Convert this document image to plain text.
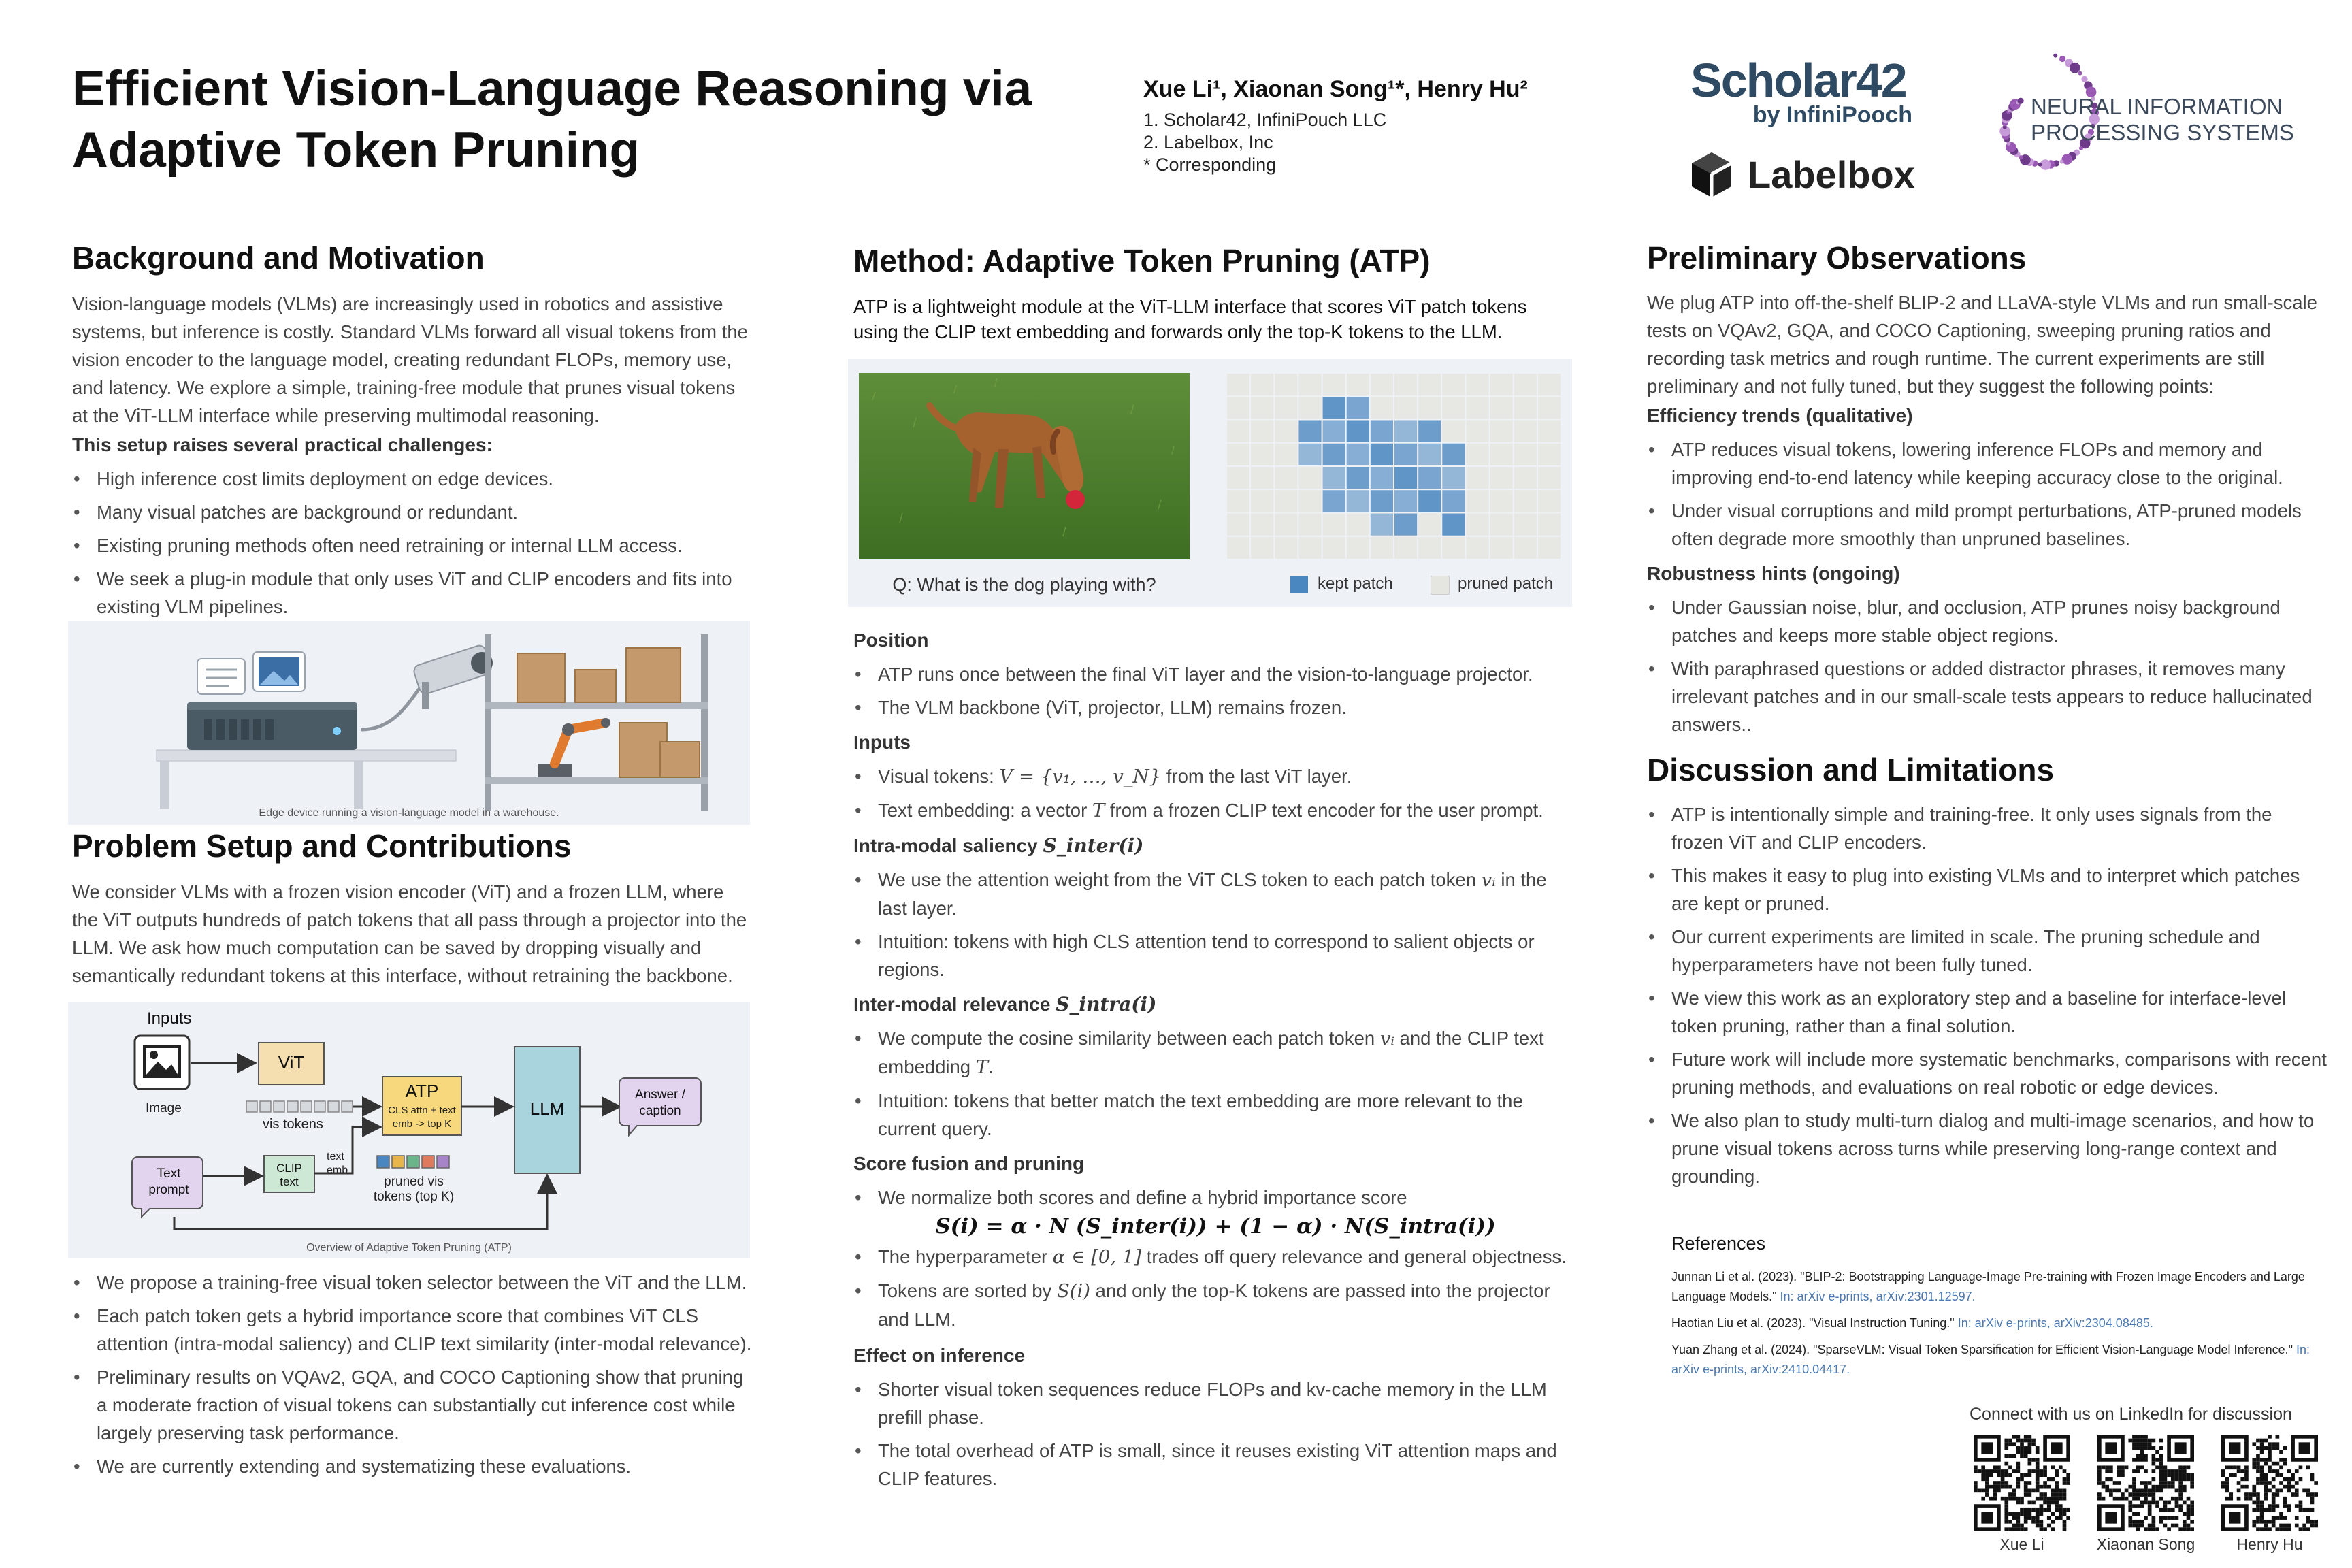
Efficient Vision-Language Reasoning via
Adaptive Token Pruning
Xue Li¹, Xiaonan Song¹*, Henry Hu²
1. Scholar42, InfiniPouch LLC
2. Labelbox, Inc
* Corresponding
Scholar42
by InfiniPooch
Labelbox
NEURAL INFORMATION
PROCESSING SYSTEMS
Background and Motivation
Vision-language models (VLMs) are increasingly used in robotics and assistive systems, but inference is costly. Standard VLMs forward all visual tokens from the vision encoder to the language model, creating redundant FLOPs, memory use, and latency. We explore a simple, training-free module that prunes visual tokens at the ViT-LLM interface while preserving multimodal reasoning.
This setup raises several practical challenges:
• High inference cost limits deployment on edge devices.
• Many visual patches are background or redundant.
• Existing pruning methods often need retraining or internal LLM access.
• We seek a plug-in module that only uses ViT and CLIP encoders and fits into existing VLM pipelines.
Edge device running a vision-language model in a warehouse.
Problem Setup and Contributions
We consider VLMs with a frozen vision encoder (ViT) and a frozen LLM, where the ViT outputs hundreds of patch tokens that all pass through a projector into the LLM. We ask how much computation can be saved by dropping visually and semantically redundant tokens at this interface, without retraining the backbone.
Inputs
Image
ViT
vis tokens
ATP
CLS attn + text
emb -> top K
LLM
Answer /
caption
Text
prompt
CLIP
text
text
emb
pruned vis
tokens (top K)
Overview of Adaptive Token Pruning (ATP)
• We propose a training-free visual token selector between the ViT and the LLM.
• Each patch token gets a hybrid importance score that combines ViT CLS attention (intra-modal saliency) and CLIP text similarity (inter-modal relevance).
• Preliminary results on VQAv2, GQA, and COCO Captioning show that pruning a moderate fraction of visual tokens can substantially cut inference cost while largely preserving task performance.
• We are currently extending and systematizing these evaluations.
Method: Adaptive Token Pruning (ATP)
ATP is a lightweight module at the ViT-LLM interface that scores ViT patch tokens using the CLIP text embedding and forwards only the top-K tokens to the LLM.
Q: What is the dog playing with?	kept patch	pruned patch
Position
• ATP runs once between the final ViT layer and the vision-to-language projector.
• The VLM backbone (ViT, projector, LLM) remains frozen.
Inputs
• Visual tokens: V = {v₁, …, v_N} from the last ViT layer.
• Text embedding: a vector T from a frozen CLIP text encoder for the user prompt.
Intra-modal saliency S_inter(i)
• We use the attention weight from the ViT CLS token to each patch token vᵢ in the last layer.
• Intuition: tokens with high CLS attention tend to correspond to salient objects or regions.
Inter-modal relevance S_intra(i)
• We compute the cosine similarity between each patch token vᵢ and the CLIP text embedding T.
• Intuition: tokens that better match the text embedding are more relevant to the current query.
Score fusion and pruning
• We normalize both scores and define a hybrid importance score
S(i) = α · N (S_inter(i)) + (1 − α) · N(S_intra(i))
• The hyperparameter α ∈ [0, 1] trades off query relevance and general objectness.
• Tokens are sorted by S(i) and only the top-K tokens are passed into the projector and LLM.
Effect on inference
• Shorter visual token sequences reduce FLOPs and kv-cache memory in the LLM prefill phase.
• The total overhead of ATP is small, since it reuses existing ViT attention maps and CLIP features.
Preliminary Observations
We plug ATP into off-the-shelf BLIP-2 and LLaVA-style VLMs and run small-scale tests on VQAv2, GQA, and COCO Captioning, sweeping pruning ratios and recording task metrics and rough runtime. The current experiments are still preliminary and not fully tuned, but they suggest the following points:
Efficiency trends (qualitative)
• ATP reduces visual tokens, lowering inference FLOPs and memory and improving end-to-end latency while keeping accuracy close to the original.
• Under visual corruptions and mild prompt perturbations, ATP-pruned models often degrade more smoothly than unpruned baselines.
Robustness hints (ongoing)
• Under Gaussian noise, blur, and occlusion, ATP prunes noisy background patches and keeps more stable object regions.
• With paraphrased questions or added distractor phrases, it removes many irrelevant patches and in our small-scale tests appears to reduce hallucinated answers..
Discussion and Limitations
• ATP is intentionally simple and training-free. It only uses signals from the frozen ViT and CLIP encoders.
• This makes it easy to plug into existing VLMs and to interpret which patches are kept or pruned.
• Our current experiments are limited in scale. The pruning schedule and hyperparameters have not been fully tuned.
• We view this work as an exploratory step and a baseline for interface-level token pruning, rather than a final solution.
• Future work will include more systematic benchmarks, comparisons with recent pruning methods, and evaluations on real robotic or edge devices.
• We also plan to study multi-turn dialog and multi-image scenarios, and how to prune visual tokens across turns while preserving long-range context and grounding.
References
Junnan Li et al. (2023). "BLIP-2: Bootstrapping Language-Image Pre-training with Frozen Image Encoders and Large Language Models." In: arXiv e-prints, arXiv:2301.12597.
Haotian Liu et al. (2023). "Visual Instruction Tuning." In: arXiv e-prints, arXiv:2304.08485.
Yuan Zhang et al. (2024). "SparseVLM: Visual Token Sparsification for Efficient Vision-Language Model Inference." In: arXiv e-prints, arXiv:2410.04417.
Connect with us on LinkedIn for discussion
Xue Li	Xiaonan Song	Henry Hu
